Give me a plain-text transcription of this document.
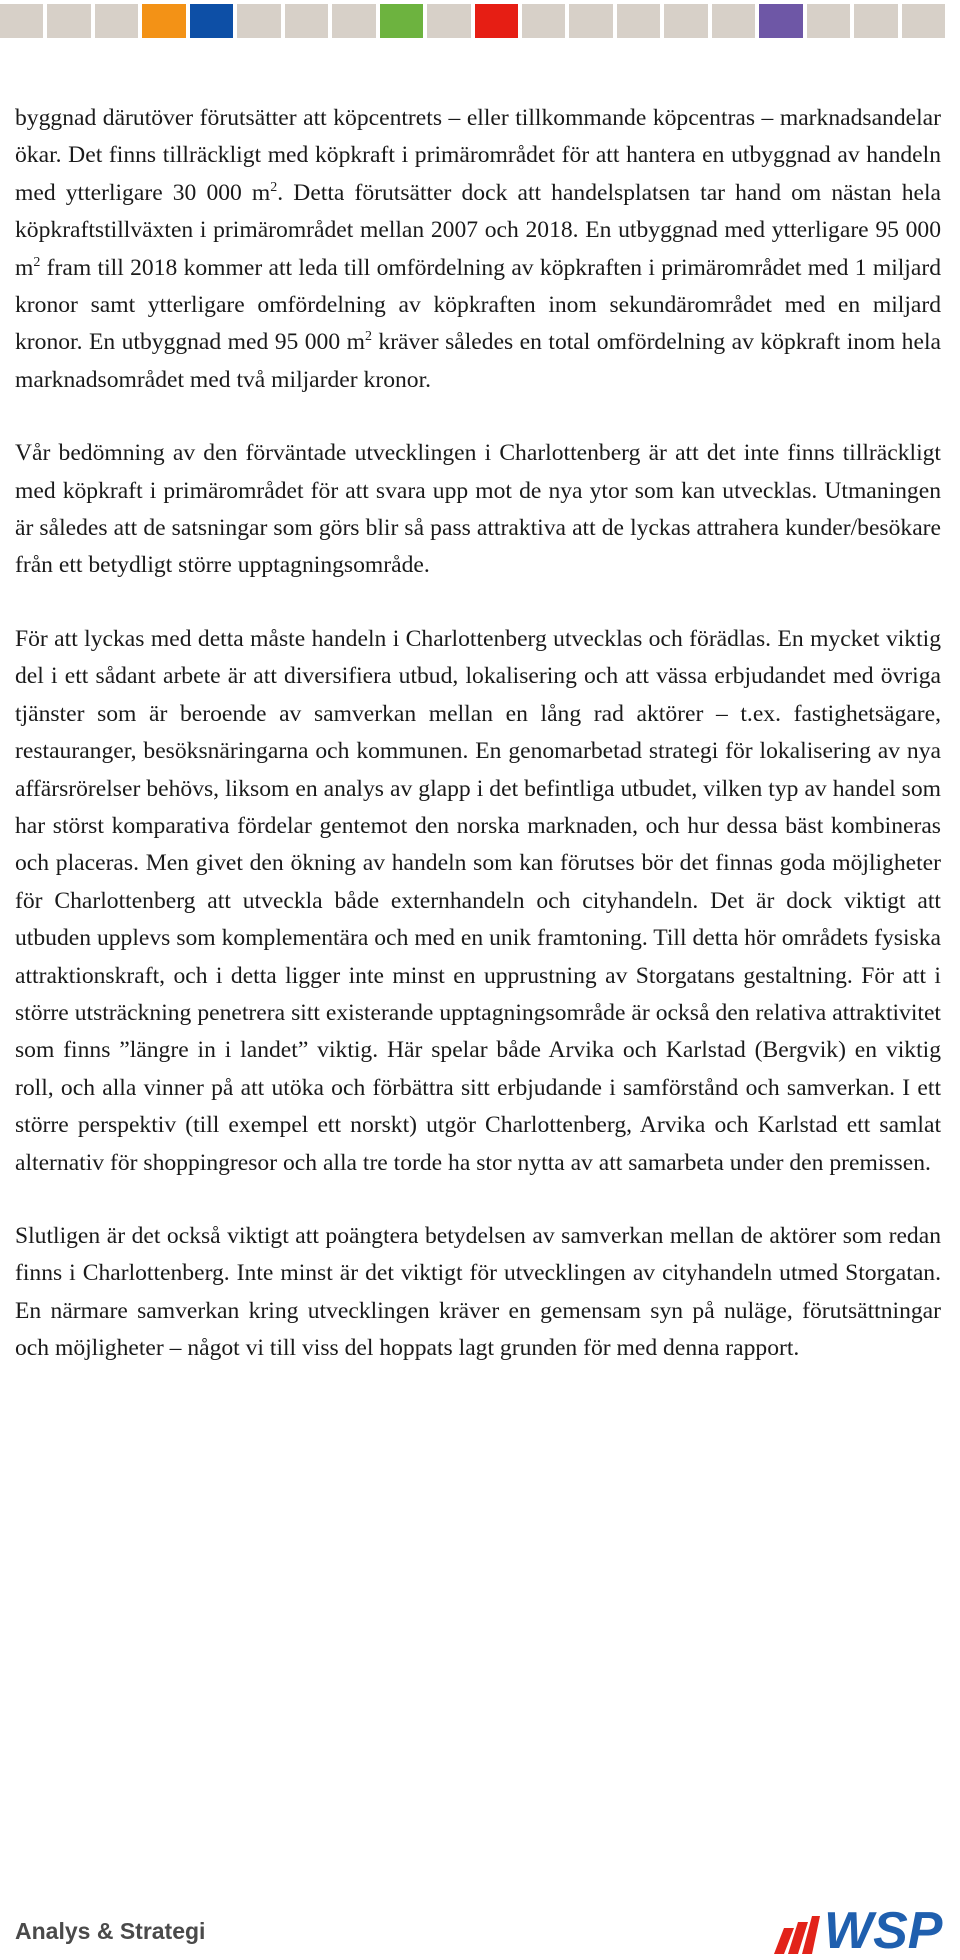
byggnad därutöver förutsätter att köpcentrets – eller tillkommande köpcentras – marknadsandelar ökar. Det finns tillräckligt med köpkraft i primärområdet för att hantera en utbyggnad av handeln med ytterligare 30 000 $m^2$. Detta förutsätter dock att handelsplatsen tar hand om nästan hela köpkraftstillväxten i primärområdet mellan 2007 och 2018. En utbyggnad med ytterligare 95 000 $m^2$ fram till 2018 kommer att leda till omfördelning av köpkraften i primärområdet med 1 miljard kronor samt ytterligare omfördelning av köpkraften inom sekundärområdet med en miljard kronor. En utbyggnad med 95 000 $m^2$ kräver således en total omfördelning av köpkraft inom hela marknadsområdet med två miljarder kronor.

Vår bedömning av den förväntade utvecklingen i Charlottenberg är att det inte finns tillräckligt med köpkraft i primärområdet för att svara upp mot de nya ytor som kan utvecklas. Utmaningen är således att de satsningar som görs blir så pass attraktiva att de lyckas attrahera kunder/besökare från ett betydligt större upptagningsområde.

För att lyckas med detta måste handeln i Charlottenberg utvecklas och förädlas. En mycket viktig del i ett sådant arbete är att diversifiera utbud, lokalisering och att vässa erbjudandet med övriga tjänster som är beroende av samverkan mellan en lång rad aktörer – t.ex. fastighetsägare, restauranger, besöksnäringarna och kommunen. En genomarbetad strategi för lokalisering av nya affärsrörelser behövs, liksom en analys av glapp i det befintliga utbudet, vilken typ av handel som har störst komparativa fördelar gentemot den norska marknaden, och hur dessa bäst kombineras och placeras. Men givet den ökning av handeln som kan förutses bör det finnas goda möjligheter för Charlottenberg att utveckla både externhandeln och cityhandeln. Det är dock viktigt att utbuden upplevs som komplementära och med en unik framtoning. Till detta hör områdets fysiska attraktionskraft, och i detta ligger inte minst en upprustning av Storgatans gestaltning. För att i större utsträckning penetrera sitt existerande upptagningsområde är också den relativa attraktivitet som finns ”längre in i landet” viktig. Här spelar både Arvika och Karlstad (Bergvik) en viktig roll, och alla vinner på att utöka och förbättra sitt erbjudande i samförstånd och samverkan. I ett större perspektiv (till exempel ett norskt) utgör Charlottenberg, Arvika och Karlstad ett samlat alternativ för shoppingresor och alla tre torde ha stor nytta av att samarbeta under den premissen.

Slutligen är det också viktigt att poängtera betydelsen av samverkan mellan de aktörer som redan finns i Charlottenberg. Inte minst är det viktigt för utvecklingen av cityhandeln utmed Storgatan. En närmare samverkan kring utvecklingen kräver en gemensam syn på nuläge, förutsättningar och möjligheter – något vi till viss del hoppats lagt grunden för med denna rapport.

Analys & Strategi	WSP
